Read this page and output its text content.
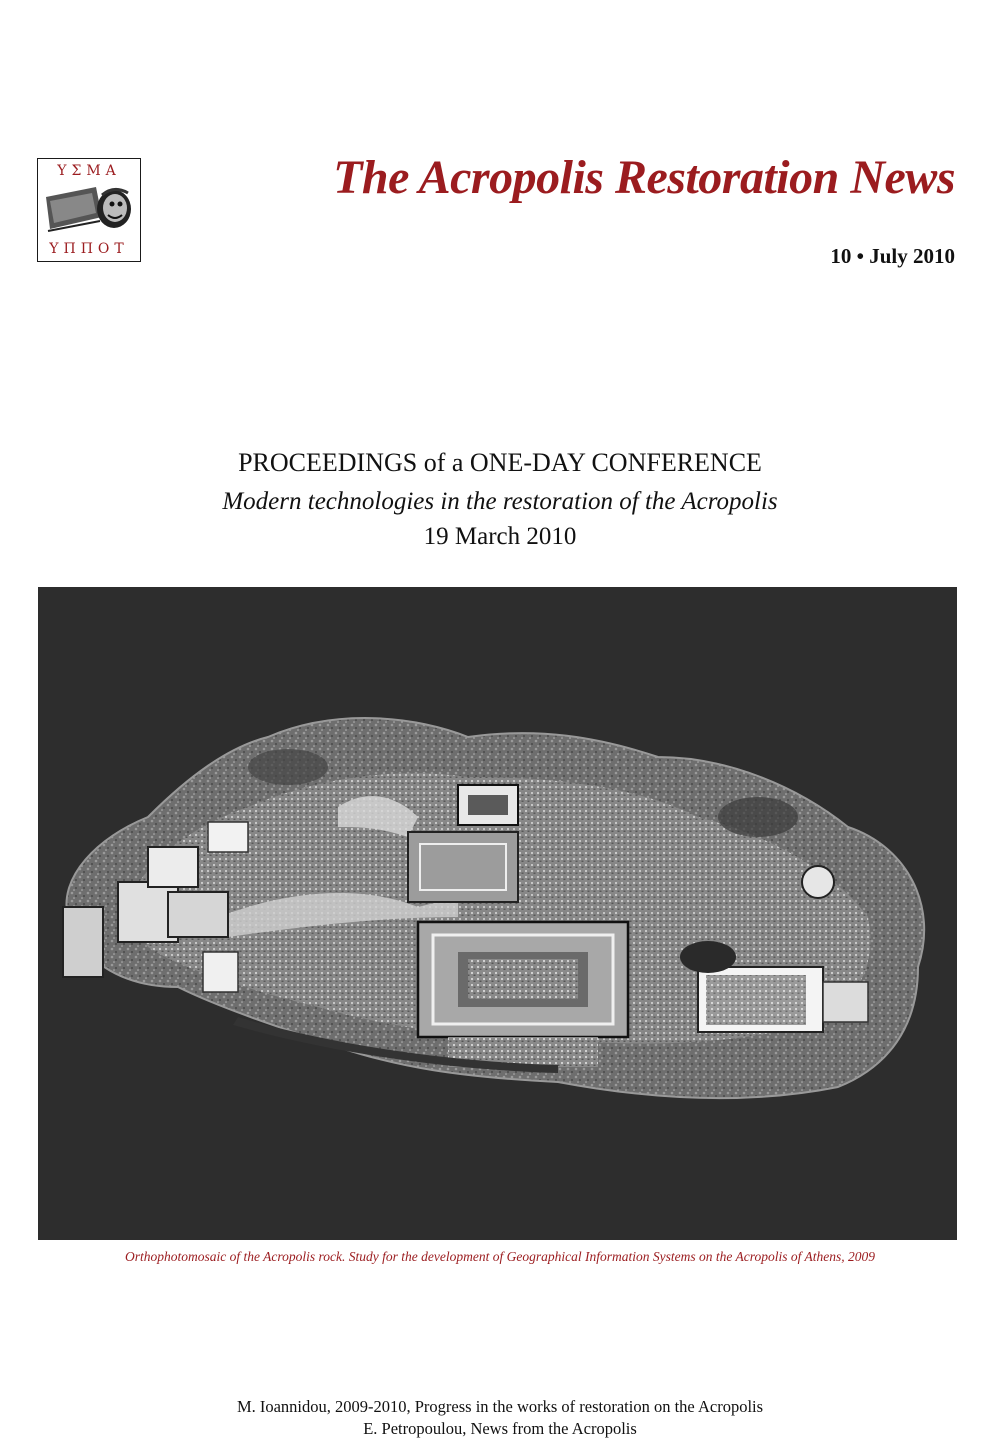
ΥΣΜΑ
ΥΠΠΟΤ
The Acropolis Restoration News
10 • July 2010
PROCEEDINGS of a ONE-DAY CONFERENCE
Modern technologies in the restoration of the Acropolis
19 March 2010
Orthophotomosaic of the Acropolis rock. Study for the development of Geographical Information Systems on the Acropolis of Athens, 2009
M. Ioannidou, 2009-2010, Progress in the works of restoration on the Acropolis
E. Petropoulou, News from the Acropolis
